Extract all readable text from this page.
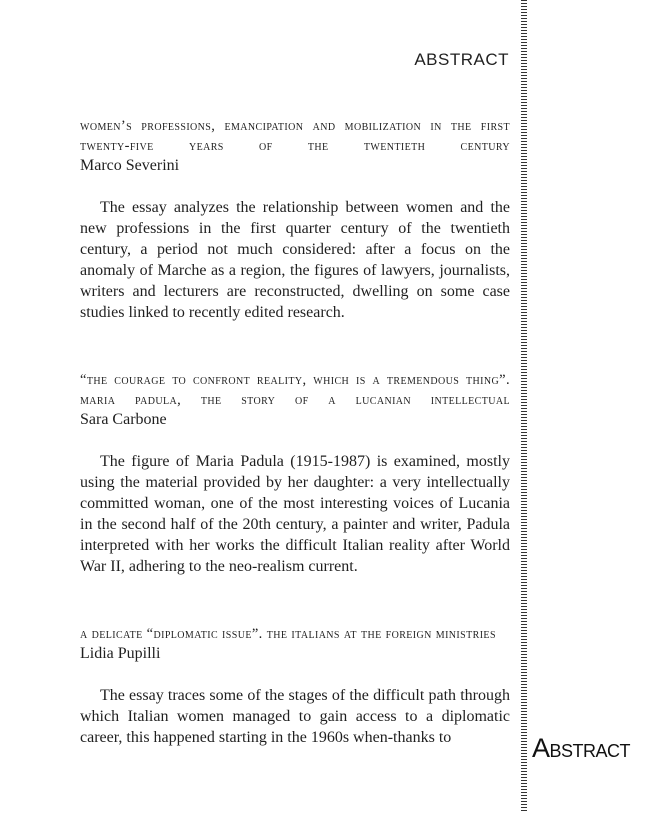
ABSTRACT
ABSTRACT

women’s professions, emancipation and mobilization in the first twenty-five years of the twentieth century

Marco Severini

The essay analyzes the relationship between women and the new professions in the first quarter century of the twentieth century, a period not much considered: after a focus on the anomaly of Marche as a region, the figures of lawyers, journalists, writers and lecturers are reconstructed, dwelling on some case studies linked to recently edited research.

“the courage to confront reality, which is a tremendous thing”. maria padula, the story of a lucanian intellectual

Sara Carbone

The figure of Maria Padula (1915-1987) is examined, mostly using the material provided by her daughter: a very intellectually committed woman, one of the most interesting voices of Lucania in the second half of the 20th century, a painter and writer, Padula interpreted with her works the difficult Italian reality after World War II, adhering to the neo-realism current.

a delicate “diplomatic issue”. the italians at the foreign ministries

Lidia Pupilli

The essay traces some of the stages of the difficult path through which Italian women managed to gain access to a diplomatic career, this happened starting in the 1960s when-thanks to
